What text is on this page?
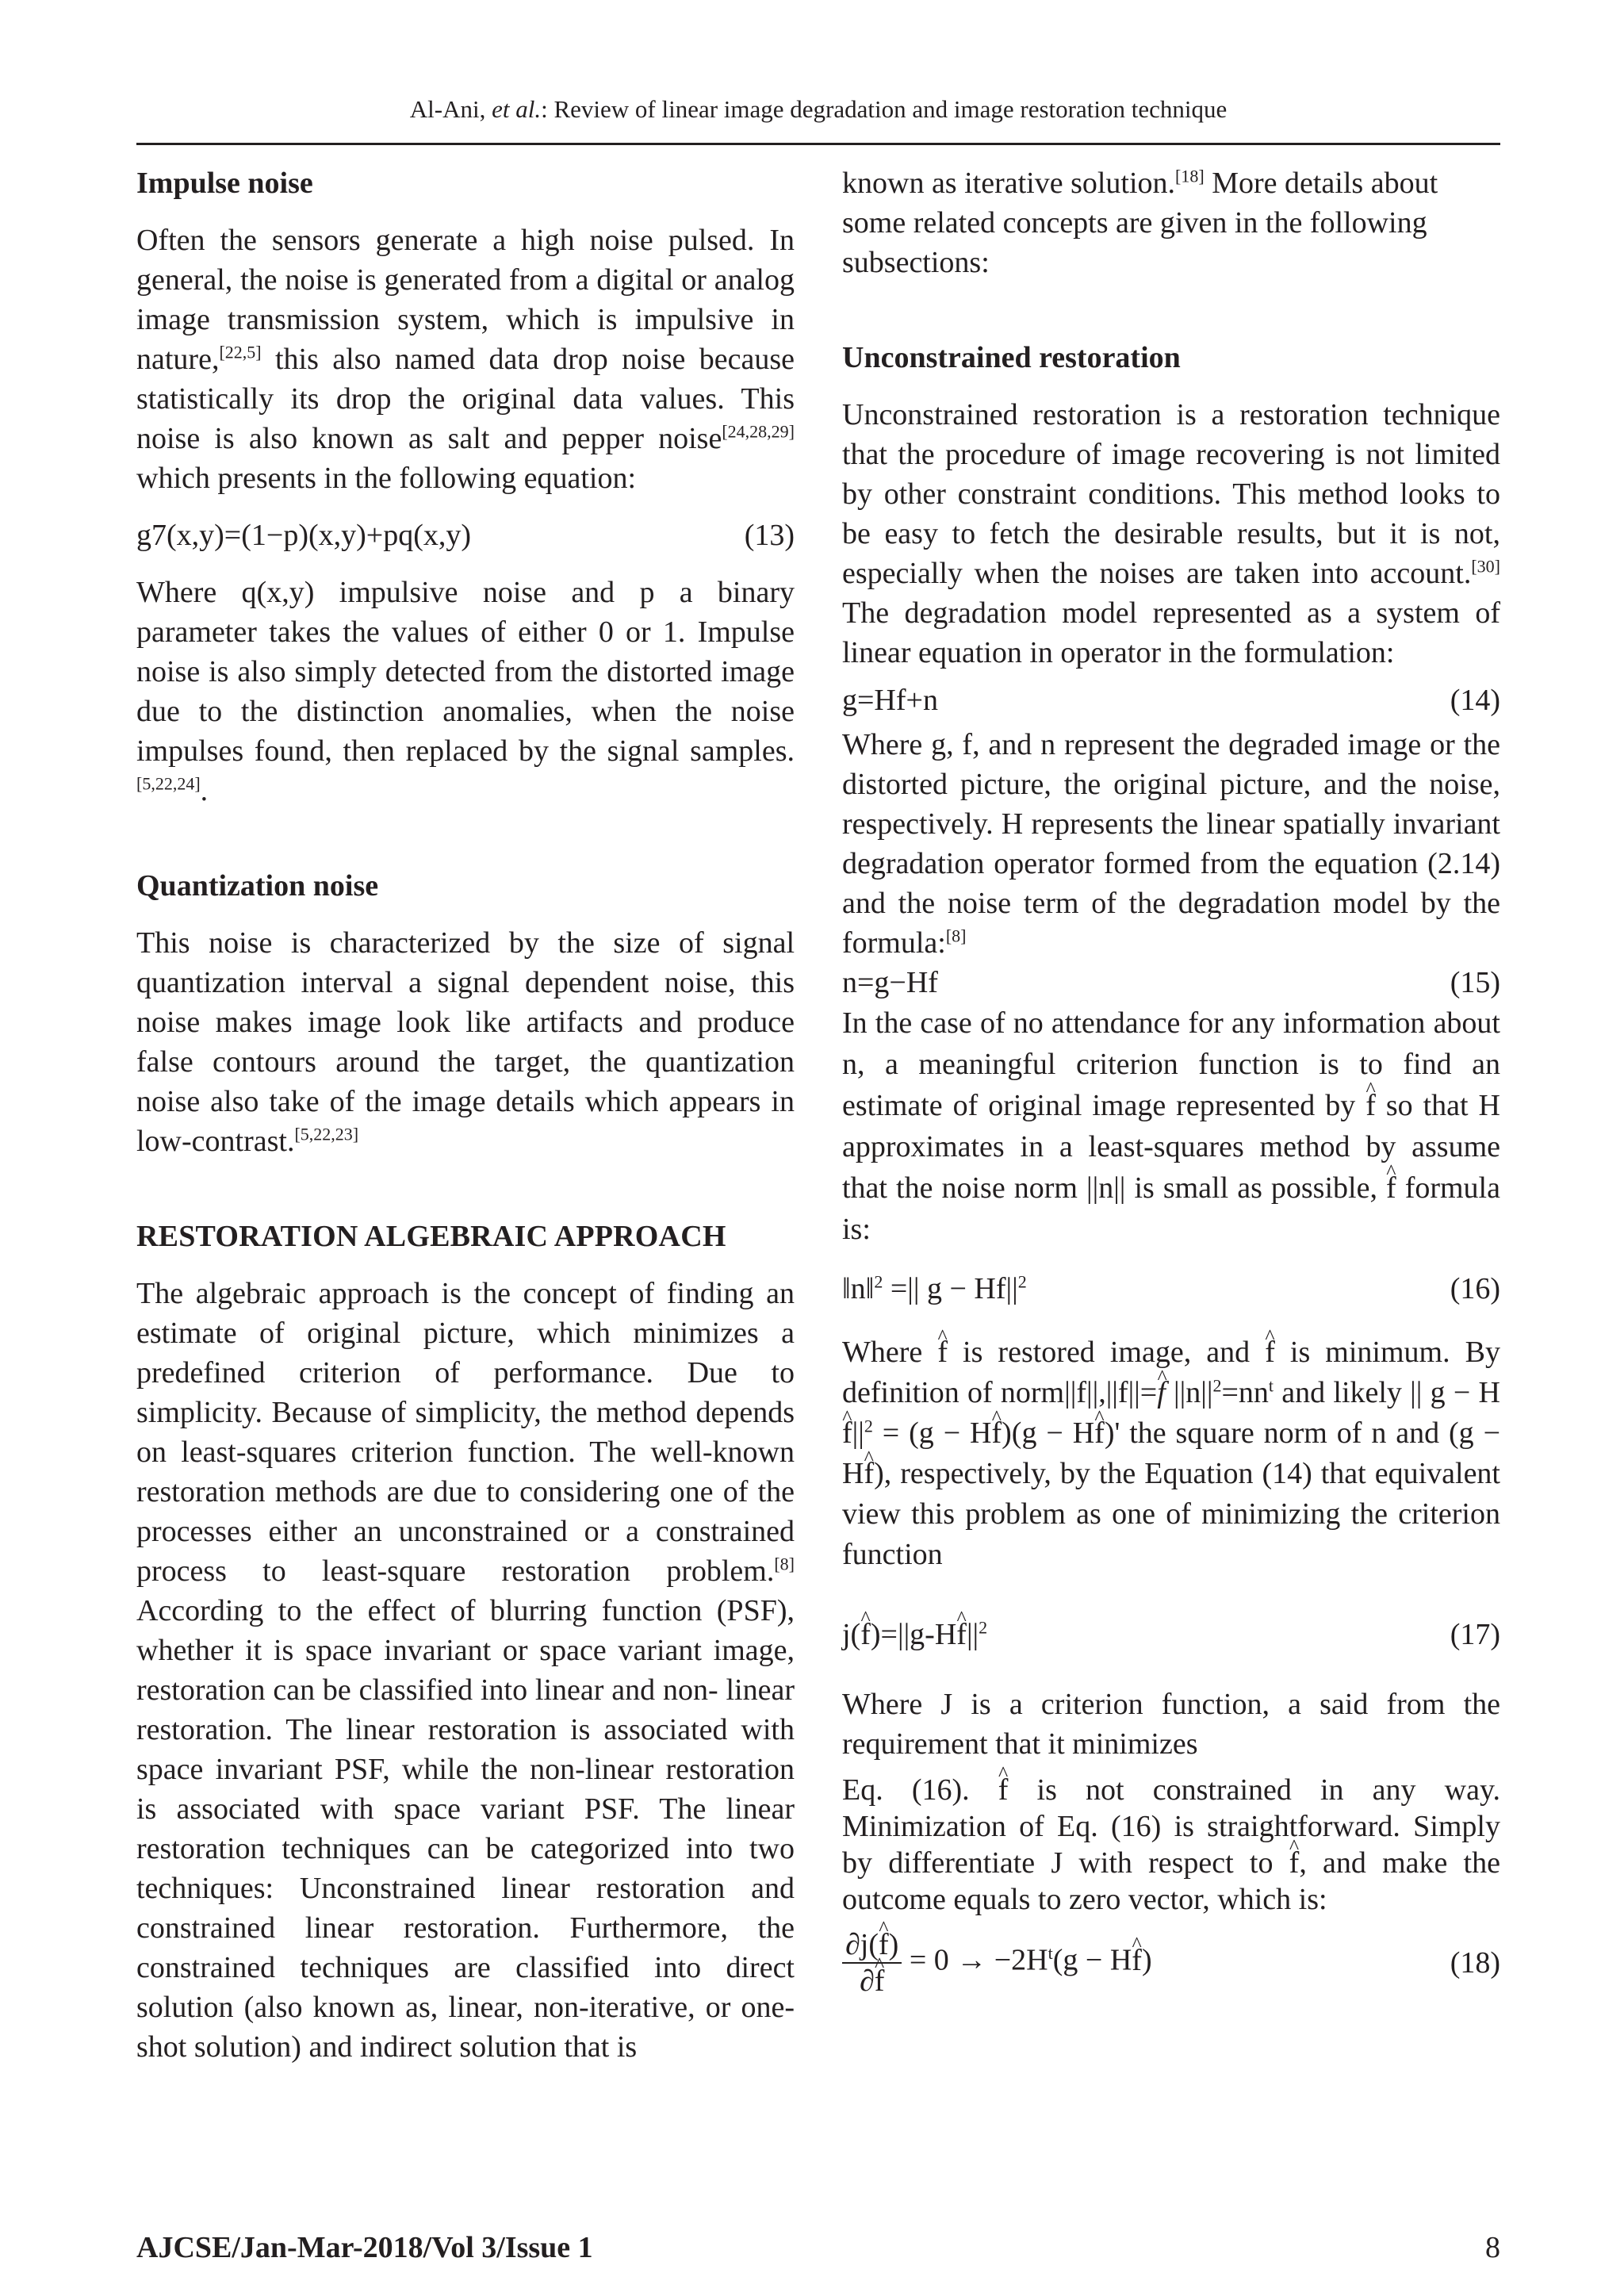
Al-Ani, et al.: Review of linear image degradation and image restoration technique
Impulse noise

Often the sensors generate a high noise pulsed. In general, the noise is generated from a digital or analog image transmission system, which is impulsive in nature,[22,5] this also named data drop noise because statistically its drop the original data values. This noise is also known as salt and pepper noise[24,28,29] which presents in the following equation:

g7(x,y)=(1−p)(x,y)+pq(x,y)	(13)

Where q(x,y) impulsive noise and p a binary parameter takes the values of either 0 or 1. Impulse noise is also simply detected from the distorted image due to the distinction anomalies, when the noise impulses found, then replaced by the signal samples.[5,22,24].

Quantization noise

This noise is characterized by the size of signal quantization interval a signal dependent noise, this noise makes image look like artifacts and produce false contours around the target, the quantization noise also take of the image details which appears in low-contrast.[5,22,23]

RESTORATION ALGEBRAIC APPROACH

The algebraic approach is the concept of finding an estimate of original picture, which minimizes a predefined criterion of performance. Due to simplicity. Because of simplicity, the method depends on least-squares criterion function. The well-known restoration methods are due to considering one of the processes either an unconstrained or a constrained process to least-square restoration problem.[8] According to the effect of blurring function (PSF), whether it is space invariant or space variant image, restoration can be classified into linear and non- linear restoration. The linear restoration is associated with space invariant PSF, while the non-linear restoration is associated with space variant PSF. The linear restoration techniques can be categorized into two techniques: Unconstrained linear restoration and constrained linear restoration. Furthermore, the constrained techniques are classified into direct solution (also known as, linear, non-iterative, or one-shot solution) and indirect solution that is

known as iterative solution.[18] More details about some related concepts are given in the following subsections:

Unconstrained restoration

Unconstrained restoration is a restoration technique that the procedure of image recovering is not limited by other constraint conditions. This method looks to be easy to fetch the desirable results, but it is not, especially when the noises are taken into account.[30] The degradation model represented as a system of linear equation in operator in the formulation:

g=Hf+n	(14)

Where g, f, and n represent the degraded image or the distorted picture, the original picture, and the noise, respectively. H represents the linear spatially invariant degradation operator formed from the equation (2.14) and the noise term of the degradation model by the formula:[8]

n=g−Hf	(15)

In the case of no attendance for any information about n, a meaningful criterion function is to find an estimate of original image represented by ^ f so that H approximates in a least-squares method by assume that the noise norm ||n|| is small as possible, ^ f formula is:

‖n‖$^2$ =|| $g - Hf||^2$	(16)

Where ^ f is restored image, and ^ f is minimum. By definition of norm||f||,||f||=^ f $||n||^2=nn^t$ and likely || g − H^ $f||^2 = (g$ − H^ f)(g − H^ f)' the square norm of n and (g − H^ f), respectively, by the Equation (14) that equivalent view this problem as one of minimizing the criterion function

j(^ f)=||g-H^ $f||^2$	(17)

Where J is a criterion function, a said from the requirement that it minimizes

Eq. (16). ^ f is not constrained in any way. Minimization of Eq. (16) is straightforward. Simply by differentiate J with respect to ^ f, and make the outcome equals to zero vector, which is:

$\frac{\partial j(\^{} f)}{\partial\^{} f} = 0 \to -2H^t(g$ − H^ f)	(18)
AJCSE/Jan-Mar-2018/Vol 3/Issue 1	8
